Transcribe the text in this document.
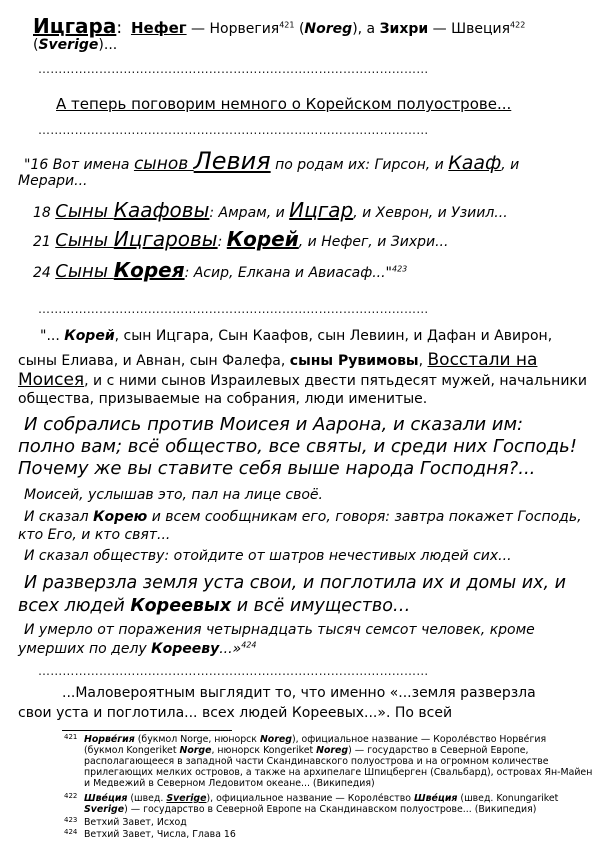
Ицгара: Нефег — Норвегия$^{421}$ (Noreg), а Зихри — Швеция$^{422}$
(Sverige)...
……………………………………………………………………………………
А теперь поговорим немного о Корейском полуострове...
……………………………………………………………………………………
"16 Вот имена сынов Левия по родам их: Гирсон, и Кааф, и
Мерари...
18 Сыны Каафовы: Амрам, и Ицгар, и Хеврон, и Узиил...
21 Сыны Ицгаровы: Корей, и Нефег, и Зихри...
24 Сыны Корея: Асир, Елкана и Авиасаф..."$^{423}$
……………………………………………………………………………………
"... Корей, сын Ицгара, Сын Каафов, сын Левиин, и Дафан и Авирон,
сыны Елиава, и Авнан, сын Фалефа, сыны Рувимовы, Восстали на
Моисея, и с ними сынов Израилевых двести пятьдесят мужей, начальники
общества, призываемые на собрания, люди именитые.
И собрались против Моисея и Аарона, и сказали им:
полно вам; всё общество, все святы, и среди них Господь!
Почему же вы ставите себя выше народа Господня?...
Моисей, услышав это, пал на лице своё.
И сказал Корею и всем сообщникам его, говоря: завтра покажет Господь,
кто Его, и кто свят...
И сказал обществу: отойдите от шатров нечестивых людей сих...
И разверзла земля уста свои, и поглотила их и домы их, и
всех людей Кореевых и всё имущество…
И умерло от поражения четырнадцать тысяч семсот человек, кроме
умерших по делу Корееву...»$^{424}$
……………………………………………………………………………………
...Маловероятным выглядит то, что именно «...земля разверзла
свои уста и поглотила... всех людей Кореевых...». По всей
421 Норве́гия (букмол Norge, нюнорск Noreg), официальное название — Короле́вство Норве́гия
(букмол Kongeriket Norge, нюнорск Kongeriket Noreg) — государство в Северной Европе,
располагающееся в западной части Скандинавского полуострова и на огромном количестве
прилегающих мелких островов, а также на архипелаге Шпицберген (Свальбард), островах Ян-Майен
и Медвежий в Северном Ледовитом океане... (Википедия)
422 Шве́ция (швед. Sverige), официальное название — Короле́вство Шве́ция (швед. Konungariket
Sverige) — государство в Северной Европе на Скандинавском полуострове... (Википедия)
423 Ветхий Завет, Исход
424 Ветхий Завет, Числа, Глава 16
